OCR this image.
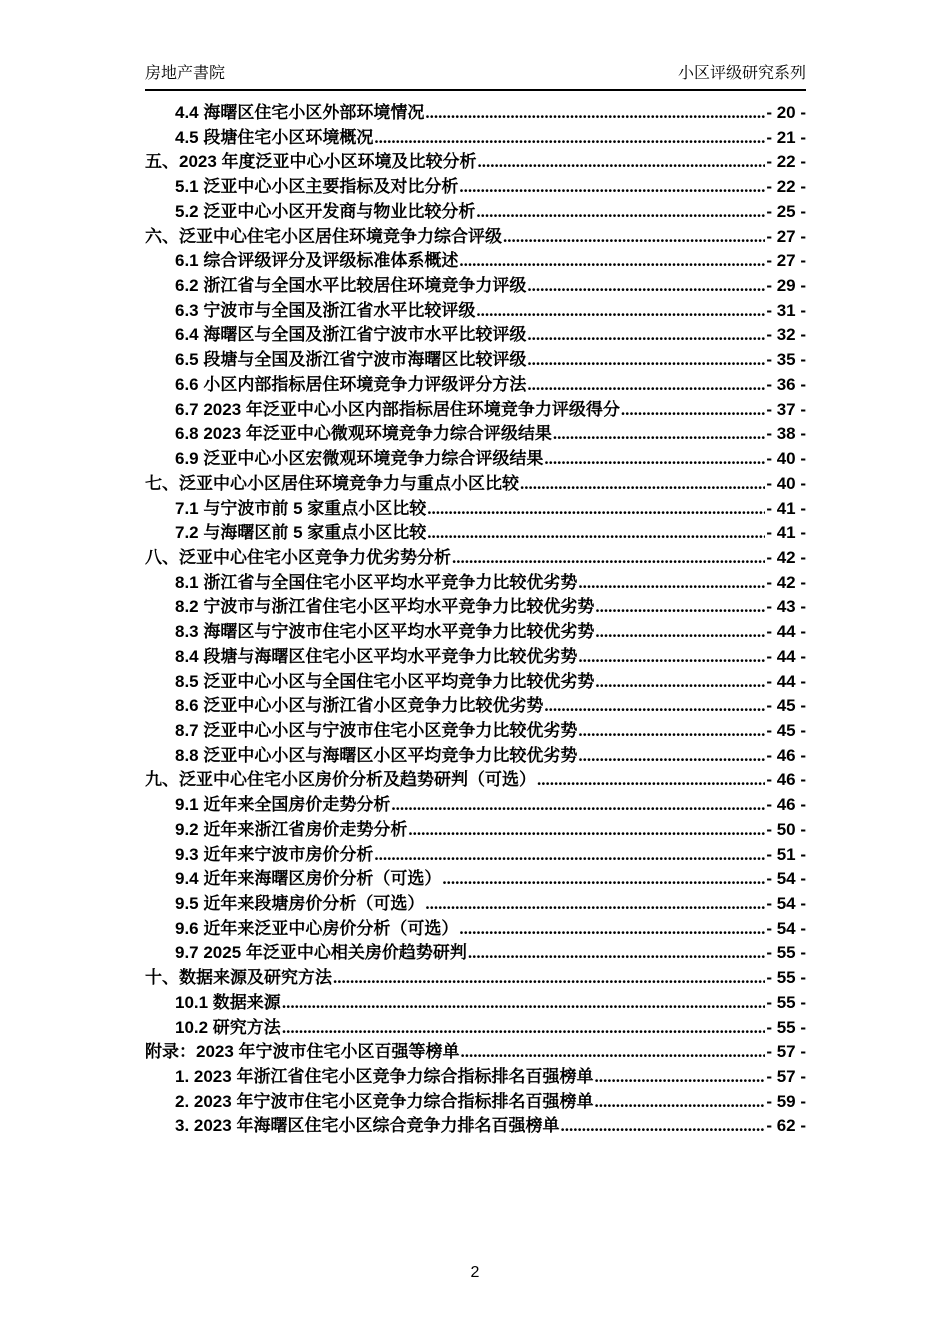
房地产書院	小区评级研究系列
4.4 海曙区住宅小区外部环境情况 .....	- 20 -
4.5 段塘住宅小区环境概况 .....	- 21 -
五、2023 年度泛亚中心小区环境及比较分析 .....	- 22 -
5.1 泛亚中心小区主要指标及对比分析 .....	- 22 -
5.2 泛亚中心小区开发商与物业比较分析 .....	- 25 -
六、泛亚中心住宅小区居住环境竞争力综合评级 .....	- 27 -
6.1 综合评级评分及评级标准体系概述 .....	- 27 -
6.2 浙江省与全国水平比较居住环境竞争力评级 .....	- 29 -
6.3 宁波市与全国及浙江省水平比较评级 .....	- 31 -
6.4 海曙区与全国及浙江省宁波市水平比较评级 .....	- 32 -
6.5 段塘与全国及浙江省宁波市海曙区比较评级 .....	- 35 -
6.6 小区内部指标居住环境竞争力评级评分方法 .....	- 36 -
6.7 2023 年泛亚中心小区内部指标居住环境竞争力评级得分 .....	- 37 -
6.8 2023 年泛亚中心微观环境竞争力综合评级结果 .....	- 38 -
6.9 泛亚中心小区宏微观环境竞争力综合评级结果 .....	- 40 -
七、泛亚中心小区居住环境竞争力与重点小区比较 .....	- 40 -
7.1 与宁波市前 5 家重点小区比较 .....	- 41 -
7.2 与海曙区前 5 家重点小区比较 .....	- 41 -
八、泛亚中心住宅小区竞争力优劣势分析 .....	- 42 -
8.1 浙江省与全国住宅小区平均水平竞争力比较优劣势 .....	- 42 -
8.2 宁波市与浙江省住宅小区平均水平竞争力比较优劣势 .....	- 43 -
8.3 海曙区与宁波市住宅小区平均水平竞争力比较优劣势 .....	- 44 -
8.4 段塘与海曙区住宅小区平均水平竞争力比较优劣势 .....	- 44 -
8.5 泛亚中心小区与全国住宅小区平均竞争力比较优劣势 .....	- 44 -
8.6 泛亚中心小区与浙江省小区竞争力比较优劣势 .....	- 45 -
8.7 泛亚中心小区与宁波市住宅小区竞争力比较优劣势 .....	- 45 -
8.8 泛亚中心小区与海曙区小区平均竞争力比较优劣势 .....	- 46 -
九、泛亚中心住宅小区房价分析及趋势研判（可选） .....	- 46 -
9.1 近年来全国房价走势分析 .....	- 46 -
9.2 近年来浙江省房价走势分析 .....	- 50 -
9.3 近年来宁波市房价分析 .....	- 51 -
9.4 近年来海曙区房价分析（可选） .....	- 54 -
9.5 近年来段塘房价分析（可选） .....	- 54 -
9.6 近年来泛亚中心房价分析（可选） .....	- 54 -
9.7 2025 年泛亚中心相关房价趋势研判 .....	- 55 -
十、数据来源及研究方法 .....	- 55 -
10.1 数据来源 .....	- 55 -
10.2 研究方法 .....	- 55 -
附录：2023 年宁波市住宅小区百强等榜单 .....	- 57 -
1. 2023 年浙江省住宅小区竞争力综合指标排名百强榜单 .....	- 57 -
2. 2023 年宁波市住宅小区竞争力综合指标排名百强榜单 .....	- 59 -
3. 2023 年海曙区住宅小区综合竞争力排名百强榜单 .....	- 62 -
2
